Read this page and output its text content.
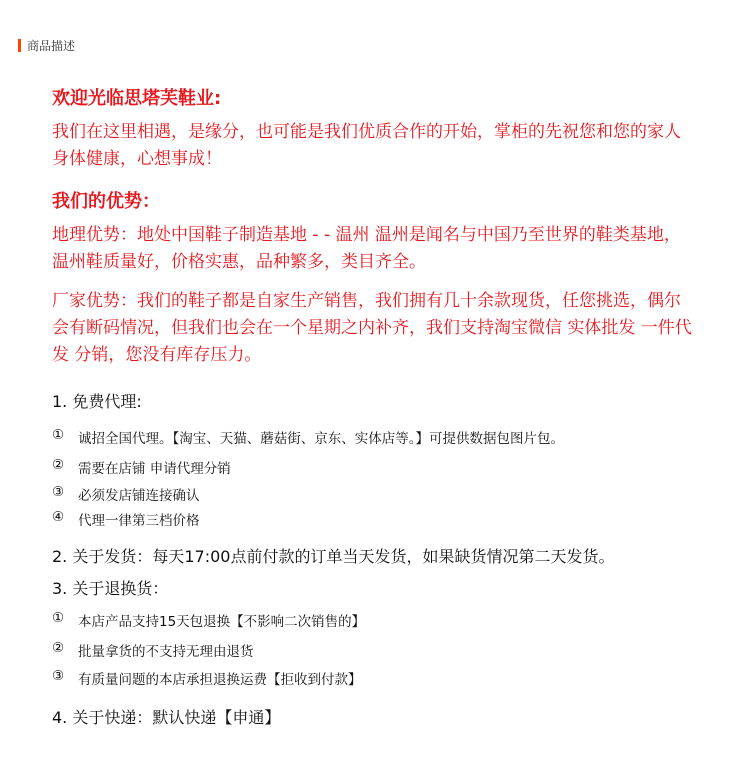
商品描述
欢迎光临思塔芙鞋业:
我们在这里相遇，是缘分，也可能是我们优质合作的开始，掌柜的先祝您和您的家人身体健康，心想事成！
我们的优势：
地理优势：地处中国鞋子制造基地 - - 温州 温州是闻名与中国乃至世界的鞋类基地，温州鞋质量好，价格实惠，品种繁多，类目齐全。
厂家优势：我们的鞋子都是自家生产销售，我们拥有几十余款现货，任您挑选，偶尔会有断码情况，但我们也会在一个星期之内补齐，我们支持淘宝微信 实体批发 一件代发 分销，您没有库存压力。
1. 免费代理:
①	诚招全国代理。【淘宝、天猫、蘑菇街、京东、实体店等。】可提供数据包图片包。
②	需要在店铺 申请代理分销
③	必须发店铺连接确认
④	代理一律第三档价格
2. 关于发货：每天17:00点前付款的订单当天发货，如果缺货情况第二天发货。
3. 关于退换货：
①	本店产品支持15天包退换【不影响二次销售的】
②	批量拿货的不支持无理由退货
③	有质量问题的本店承担退换运费【拒收到付款】
4. 关于快递：默认快递【申通】
